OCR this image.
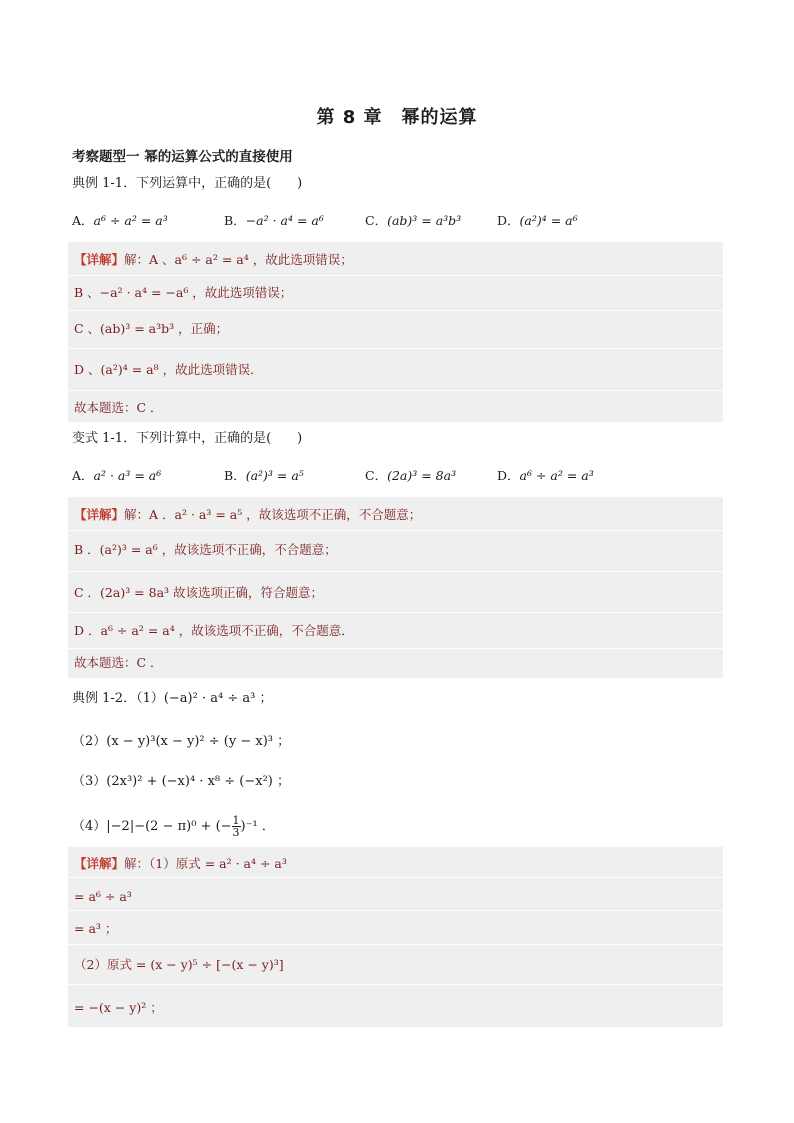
第 8 章　幂的运算
考察题型一 幂的运算公式的直接使用
典例 1-1．下列运算中，正确的是(　　)
A．a⁶ ÷ a² = a³	B．−a² · a⁴ = a⁶	C．(ab)³ = a³b³	D．(a²)⁴ = a⁶
【详解】解：A 、a⁶ ÷ a² = a⁴ ，故此选项错误；
B 、−a² · a⁴ = −a⁶ ，故此选项错误；
C 、(ab)³ = a³b³ ，正确；
D 、(a²)⁴ = a⁸ ，故此选项错误．
故本题选：C ．
变式 1-1．下列计算中，正确的是(　　)
A．a² · a³ = a⁶	B．(a²)³ = a⁵	C．(2a)³ = 8a³	D．a⁶ ÷ a² = a³
【详解】解：A ．a² · a³ = a⁵ ，故该选项不正确，不合题意；
B ．(a²)³ = a⁶ ，故该选项不正确，不合题意；
C ．(2a)³ = 8a³ 故该选项正确，符合题意；
D ．a⁶ ÷ a² = a⁴ ，故该选项不正确，不合题意．
故本题选：C ．
典例 1-2．（1）(−a)² · a⁴ ÷ a³ ；
（2）(x − y)³(x − y)² ÷ (y − x)³ ；
（3）(2x³)² + (−x)⁴ · x⁸ ÷ (−x²) ；
（4）|−2|−(2 − π)⁰ + (− $\frac{1}{3} )^{-1}$ ．
【详解】解：（1）原式 = a² · a⁴ ÷ a³
= a⁶ ÷ a³
= a³ ；
（2）原式 = (x − y)⁵ ÷ [−(x − y)³]
= −(x − y)² ；
